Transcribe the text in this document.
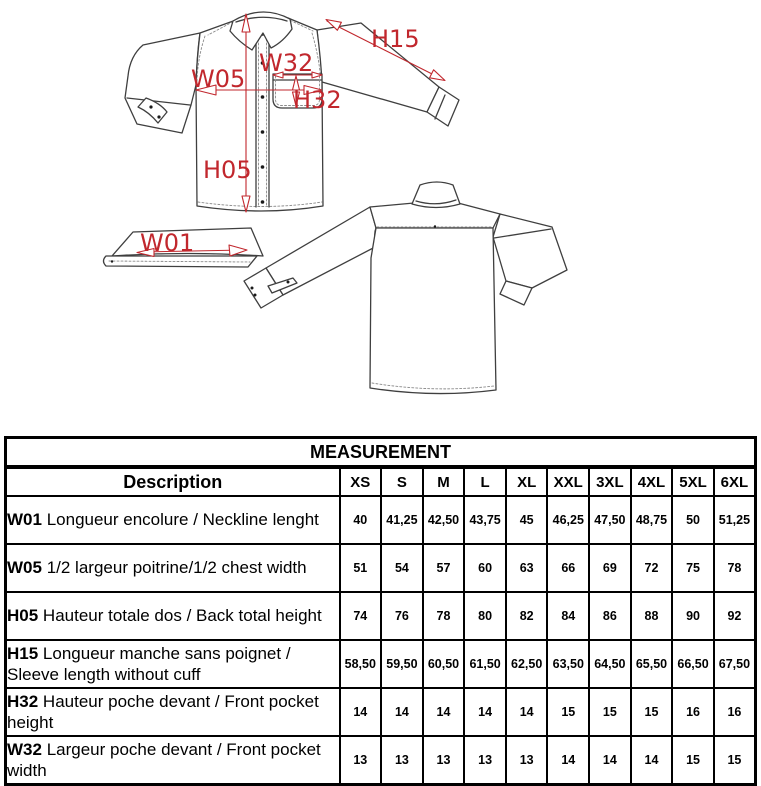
H15
W32
W05
H32
H05
W01
MEASUREMENT										
Description	XS	S	M	L	XL	XXL	3XL	4XL	5XL	6XL
W01 Longueur encolure / Neckline lenght	40	41,25	42,50	43,75	45	46,25	47,50	48,75	50	51,25
W05 1/2 largeur poitrine/1/2 chest width	51	54	57	60	63	66	69	72	75	78
H05 Hauteur totale dos / Back total height	74	76	78	80	82	84	86	88	90	92
H15 Longueur manche sans poignet / Sleeve length without cuff	58,50	59,50	60,50	61,50	62,50	63,50	64,50	65,50	66,50	67,50
H32 Hauteur poche devant / Front pocket height	14	14	14	14	14	15	15	15	16	16
W32 Largeur poche devant / Front pocket width	13	13	13	13	13	14	14	14	15	15
